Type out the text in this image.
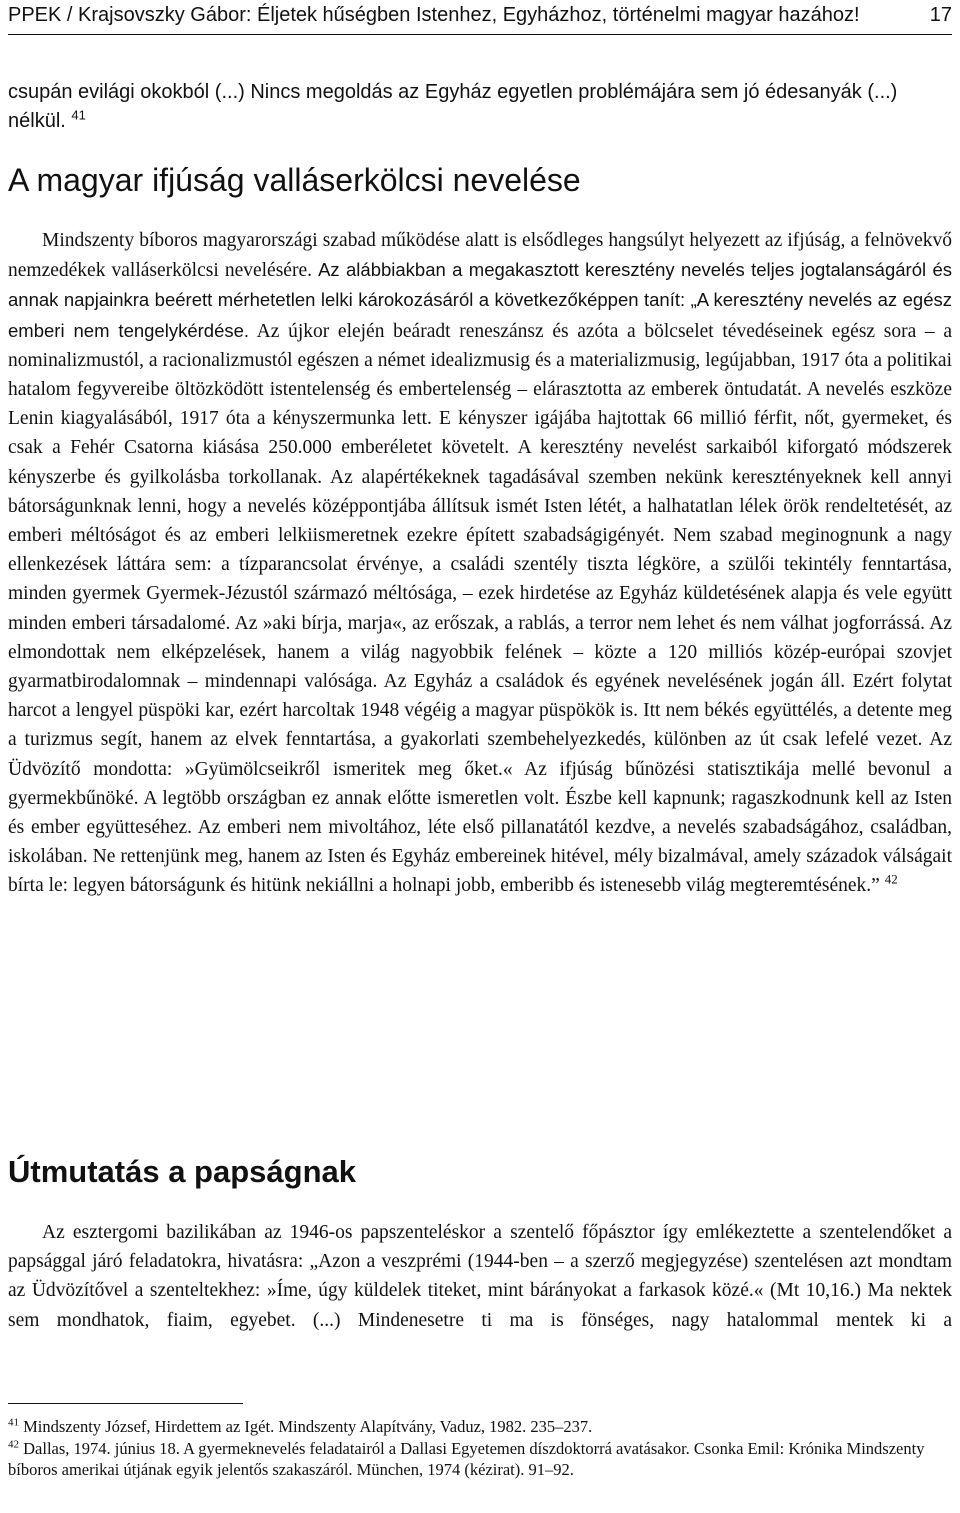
PPEK / Krajsovszky Gábor: Éljetek hűségben Istenhez, Egyházhoz, történelmi magyar hazához!	17

csupán evilági okokból (...) Nincs megoldás az Egyház egyetlen problémájára sem jó édesanyák (...) nélkül. $^{41}$

A magyar ifjúság valláserkölcsi nevelése

Mindszenty bíboros magyarországi szabad működése alatt is elsődleges hangsúlyt helyezett az ifjúság, a felnövekvő nemzedékek valláserkölcsi nevelésére. Az alábbiakban a megakasztott keresztény nevelés teljes jogtalanságáról és annak napjainkra beérett mérhetetlen lelki károkozásáról a következőképpen tanít: „A keresztény nevelés az egész emberi nem tengelykérdése. Az újkor elején beáradt reneszánsz és azóta a bölcselet tévedéseinek egész sora – a nominalizmustól, a racionalizmustól egészen a német idealizmusig és a materializmusig, legújabban, 1917 óta a politikai hatalom fegyvereibe öltözködött istentelenség és embertelenség – elárasztotta az emberek öntudatát. A nevelés eszköze Lenin kiagyalásából, 1917 óta a kényszermunka lett. E kényszer igájába hajtottak 66 millió férfit, nőt, gyermeket, és csak a Fehér Csatorna kiásása 250.000 emberéletet követelt. A keresztény nevelést sarkaiból kiforgató módszerek kényszerbe és gyilkolásba torkollanak. Az alapértékeknek tagadásával szemben nekünk keresztényeknek kell annyi bátorságunknak lenni, hogy a nevelés középpontjába állítsuk ismét Isten létét, a halhatatlan lélek örök rendeltetését, az emberi méltóságot és az emberi lelkiismeretnek ezekre épített szabadságigényét. Nem szabad meginognunk a nagy ellenkezések láttára sem: a tízparancsolat érvénye, a családi szentély tiszta légköre, a szülői tekintély fenntartása, minden gyermek Gyermek-Jézustól származó méltósága, – ezek hirdetése az Egyház küldetésének alapja és vele együtt minden emberi társadalomé. Az »aki bírja, marja«, az erőszak, a rablás, a terror nem lehet és nem válhat jogforrássá. Az elmondottak nem elképzelések, hanem a világ nagyobbik felének – közte a 120 milliós közép-európai szovjet gyarmatbirodalomnak – mindennapi valósága. Az Egyház a családok és egyének nevelésének jogán áll. Ezért folytat harcot a lengyel püspöki kar, ezért harcoltak 1948 végéig a magyar püspökök is. Itt nem békés együttélés, a detente meg a turizmus segít, hanem az elvek fenntartása, a gyakorlati szembehelyezkedés, különben az út csak lefelé vezet. Az Üdvözítő mondotta: »Gyümölcseikről ismeritek meg őket.« Az ifjúság bűnözési statisztikája mellé bevonul a gyermekbűnöké. A legtöbb országban ez annak előtte ismeretlen volt. Észbe kell kapnunk; ragaszkodnunk kell az Isten és ember együtteséhez. Az emberi nem mivoltához, léte első pillanatától kezdve, a nevelés szabadságához, családban, iskolában. Ne rettenjünk meg, hanem az Isten és Egyház embereinek hitével, mély bizalmával, amely századok válságait bírta le: legyen bátorságunk és hitünk nekiállni a holnapi jobb, emberibb és istenesebb világ megteremtésének.” $^{42}$

Útmutatás a papságnak

Az esztergomi bazilikában az 1946-os papszenteléskor a szentelő főpásztor így emlékeztette a szentelendőket a papsággal járó feladatokra, hivatásra: „Azon a veszprémi (1944-ben – a szerző megjegyzése) szentelésen azt mondtam az Üdvözítővel a szenteltekhez: »Íme, úgy küldelek titeket, mint bárányokat a farkasok közé.« (Mt 10,16.) Ma nektek sem mondhatok, fiaim, egyebet. (...) Mindenesetre ti ma is fönséges, nagy hatalommal mentek ki a

$^{41}$ Mindszenty József, Hirdettem az Igét. Mindszenty Alapítvány, Vaduz, 1982. 235–237.

$^{42}$ Dallas, 1974. június 18. A gyermeknevelés feladatairól a Dallasi Egyetemen díszdoktorrá avatásakor. Csonka Emil: Krónika Mindszenty bíboros amerikai útjának egyik jelentős szakaszáról. München, 1974 (kézirat). 91–92.
